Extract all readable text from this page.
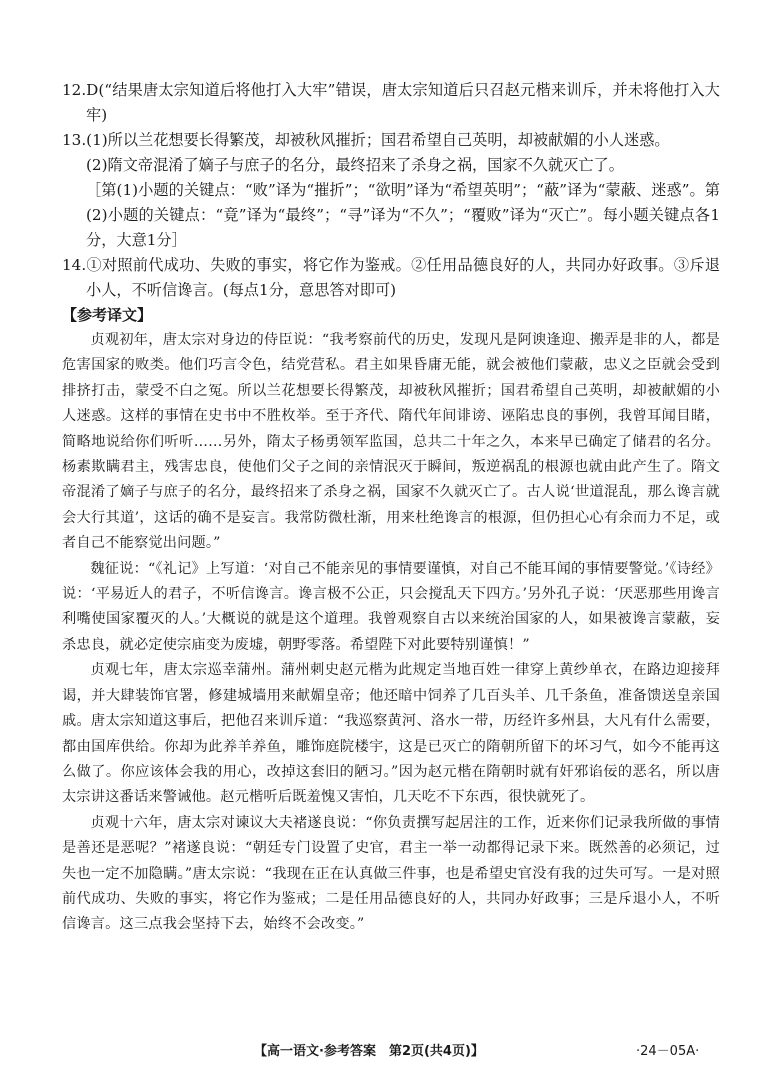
12.D(“结果唐太宗知道后将他打入大牢”错误，唐太宗知道后只召赵元楷来训斥，并未将他打入大牢)

13.(1)所以兰花想要长得繁茂，却被秋风摧折；国君希望自己英明，却被献媚的小人迷惑。

(2)隋文帝混淆了嫡子与庶子的名分，最终招来了杀身之祸，国家不久就灭亡了。

［第(1)小题的关键点：“败”译为“摧折”；“欲明”译为“希望英明”；“蔽”译为“蒙蔽、迷惑”。第(2)小题的关键点：“竟”译为“最终”；“寻”译为“不久”；“覆败”译为“灭亡”。每小题关键点各1分，大意1分］

14.①对照前代成功、失败的事实，将它作为鉴戒。②任用品德良好的人，共同办好政事。③斥退小人，不听信谗言。(每点1分，意思答对即可)

【参考译文】

贞观初年，唐太宗对身边的侍臣说：“我考察前代的历史，发现凡是阿谀逢迎、搬弄是非的人，都是危害国家的败类。他们巧言令色，结党营私。君主如果昏庸无能，就会被他们蒙蔽，忠义之臣就会受到排挤打击，蒙受不白之冤。所以兰花想要长得繁茂，却被秋风摧折；国君希望自己英明，却被献媚的小人迷惑。这样的事情在史书中不胜枚举。至于齐代、隋代年间诽谤、诬陷忠良的事例，我曾耳闻目睹，简略地说给你们听听……另外，隋太子杨勇领军监国，总共二十年之久，本来早已确定了储君的名分。杨素欺瞒君主，残害忠良，使他们父子之间的亲情泯灭于瞬间，叛逆祸乱的根源也就由此产生了。隋文帝混淆了嫡子与庶子的名分，最终招来了杀身之祸，国家不久就灭亡了。古人说‘世道混乱，那么谗言就会大行其道’，这话的确不是妄言。我常防微杜渐，用来杜绝谗言的根源，但仍担心心有余而力不足，或者自己不能察觉出问题。”

魏征说：“《礼记》上写道：‘对自己不能亲见的事情要谨慎，对自己不能耳闻的事情要警觉。’《诗经》说：‘平易近人的君子，不听信谗言。谗言极不公正，只会搅乱天下四方。’另外孔子说：‘厌恶那些用谗言利嘴使国家覆灭的人。’大概说的就是这个道理。我曾观察自古以来统治国家的人，如果被谗言蒙蔽，妄杀忠良，就必定使宗庙变为废墟，朝野零落。希望陛下对此要特别谨慎！”

贞观七年，唐太宗巡幸蒲州。蒲州刺史赵元楷为此规定当地百姓一律穿上黄纱单衣，在路边迎接拜谒，并大肆装饰官署，修建城墙用来献媚皇帝；他还暗中饲养了几百头羊、几千条鱼，准备馈送皇亲国戚。唐太宗知道这事后，把他召来训斥道：“我巡察黄河、洛水一带，历经许多州县，大凡有什么需要，都由国库供给。你却为此养羊养鱼，雕饰庭院楼宇，这是已灭亡的隋朝所留下的坏习气，如今不能再这么做了。你应该体会我的用心，改掉这套旧的陋习。”因为赵元楷在隋朝时就有奸邪谄佞的恶名，所以唐太宗讲这番话来警诫他。赵元楷听后既羞愧又害怕，几天吃不下东西，很快就死了。

贞观十六年，唐太宗对谏议大夫褚遂良说：“你负责撰写起居注的工作，近来你们记录我所做的事情是善还是恶呢？”褚遂良说：“朝廷专门设置了史官，君主一举一动都得记录下来。既然善的必须记，过失也一定不加隐瞒。”唐太宗说：“我现在正在认真做三件事，也是希望史官没有我的过失可写。一是对照前代成功、失败的事实，将它作为鉴戒；二是任用品德良好的人，共同办好政事；三是斥退小人，不听信谗言。这三点我会坚持下去，始终不会改变。”

【高一语文·参考答案　第2页(共4页)】	·24－05A·
